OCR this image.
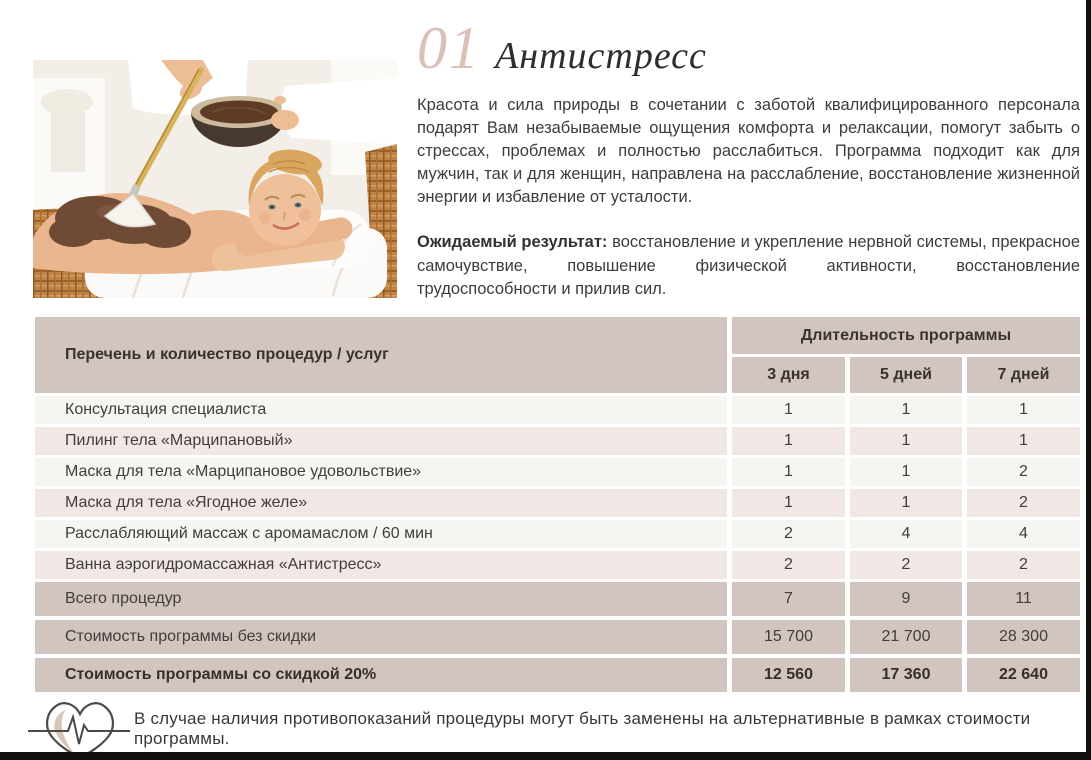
01 Антистресс

Красота и сила природы в сочетании с заботой квалифицированного персонала подарят Вам незабываемые ощущения комфорта и релаксации, помогут забыть о стрессах, проблемах и полностью расслабиться. Программа подходит как для мужчин, так и для женщин, направлена на расслабление, восстановление жизненной энергии и избавление от усталости.

Ожидаемый результат: восстановление и укрепление нервной системы, прекрасное самочувствие, повышение физической активности, восстановление трудоспособности и прилив сил.

Перечень и количество процедур / услуг	Длительность программы		
	3 дня	5 дней	7 дней
Консультация специалиста	1	1	1
Пилинг тела «Марципановый»	1	1	1
Маска для тела «Марципановое удовольствие»	1	1	2
Маска для тела «Ягодное желе»	1	1	2
Расслабляющий массаж с аромамаслом / 60 мин	2	4	4
Ванна аэрогидромассажная «Антистресс»	2	2	2
Всего процедур	7	9	11
Стоимость программы без скидки	15 700	21 700	28 300
Стоимость программы со скидкой 20%	12 560	17 360	22 640
В случае наличия противопоказаний процедуры могут быть заменены на альтернативные в рамках стоимости программы.
